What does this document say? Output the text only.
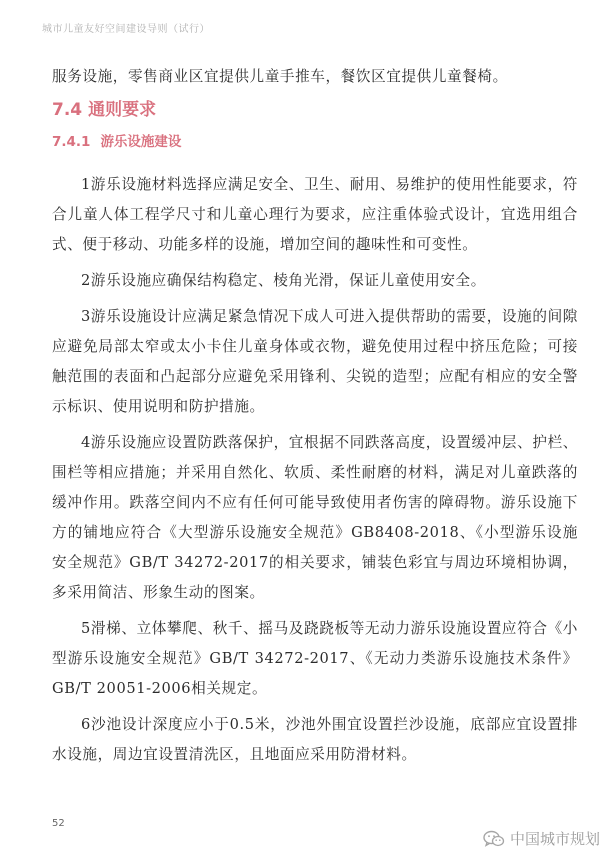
城市儿童友好空间建设导则（试行）

服务设施，零售商业区宜提供儿童手推车，餐饮区宜提供儿童餐椅。

7.4 通则要求
7.4.1 游乐设施建设

1游乐设施材料选择应满足安全、卫生、耐用、易维护的使用性能要求，符合儿童人体工程学尺寸和儿童心理行为要求，应注重体验式设计，宜选用组合式、便于移动、功能多样的设施，增加空间的趣味性和可变性。

2游乐设施应确保结构稳定、棱角光滑，保证儿童使用安全。

3游乐设施设计应满足紧急情况下成人可进入提供帮助的需要，设施的间隙应避免局部太窄或太小卡住儿童身体或衣物，避免使用过程中挤压危险；可接触范围的表面和凸起部分应避免采用锋利、尖锐的造型；应配有相应的安全警示标识、使用说明和防护措施。

4游乐设施应设置防跌落保护，宜根据不同跌落高度，设置缓冲层、护栏、围栏等相应措施；并采用自然化、软质、柔性耐磨的材料，满足对儿童跌落的缓冲作用。跌落空间内不应有任何可能导致使用者伤害的障碍物。游乐设施下方的铺地应符合《大型游乐设施安全规范》GB8408-2018、《小型游乐设施安全规范》GB/T 34272-2017的相关要求，铺装色彩宜与周边环境相协调，多采用简洁、形象生动的图案。

5滑梯、立体攀爬、秋千、摇马及跷跷板等无动力游乐设施设置应符合《小型游乐设施安全规范》GB/T 34272-2017、《无动力类游乐设施技术条件》GB/T 20051-2006相关规定。

6沙池设计深度应小于0.5米，沙池外围宜设置拦沙设施，底部应宜设置排水设施，周边宜设置清洗区，且地面应采用防滑材料。

52
中国城市规划
